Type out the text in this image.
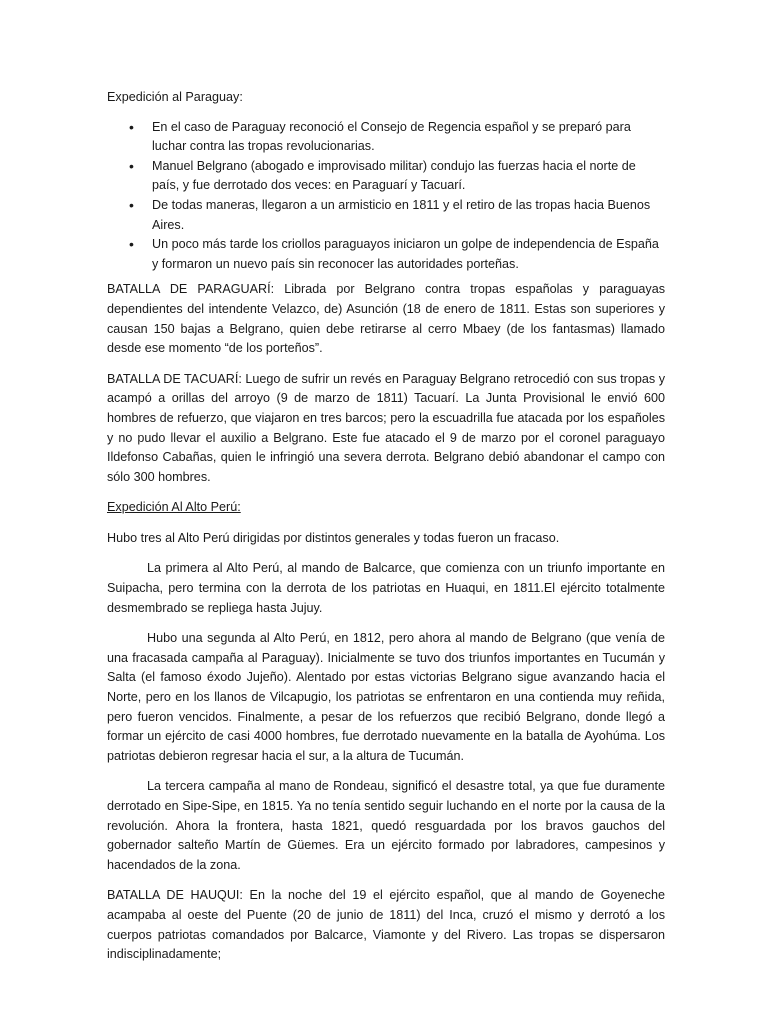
Expedición al Paraguay:
• En el caso de Paraguay reconoció el Consejo de Regencia español y se preparó para luchar contra las tropas revolucionarias.
• Manuel Belgrano (abogado e improvisado militar) condujo las fuerzas hacia el norte de país, y fue derrotado dos veces: en Paraguarí y Tacuarí.
• De todas maneras, llegaron a un armisticio en 1811 y el retiro de las tropas hacia Buenos Aires.
• Un poco más tarde los criollos paraguayos iniciaron un golpe de independencia de España y formaron un nuevo país sin reconocer las autoridades porteñas.

BATALLA DE PARAGUARÍ: Librada por Belgrano contra tropas españolas y paraguayas dependientes del intendente Velazco, de) Asunción (18 de enero de 1811. Estas son superiores y causan 150 bajas a Belgrano, quien debe retirarse al cerro Mbaey (de los fantasmas) llamado desde ese momento “de los porteños”.

BATALLA DE TACUARÍ: Luego de sufrir un revés en Paraguay Belgrano retrocedió con sus tropas y acampó a orillas del arroyo (9 de marzo de 1811) Tacuarí. La Junta Provisional le envió 600 hombres de refuerzo, que viajaron en tres barcos; pero la escuadrilla fue atacada por los españoles y no pudo llevar el auxilio a Belgrano. Este fue atacado el 9 de marzo por el coronel paraguayo Ildefonso Cabañas, quien le infringió una severa derrota. Belgrano debió abandonar el campo con sólo 300 hombres.

Expedición Al Alto Perú:

Hubo tres al Alto Perú dirigidas por distintos generales y todas fueron un fracaso.

La primera al Alto Perú, al mando de Balcarce, que comienza con un triunfo importante en Suipacha, pero termina con la derrota de los patriotas en Huaqui, en 1811.El ejército totalmente desmembrado se repliega hasta Jujuy.

Hubo una segunda al Alto Perú, en 1812, pero ahora al mando de Belgrano (que venía de una fracasada campaña al Paraguay). Inicialmente se tuvo dos triunfos importantes en Tucumán y Salta (el famoso éxodo Jujeño). Alentado por estas victorias Belgrano sigue avanzando hacia el Norte, pero en los llanos de Vilcapugio, los patriotas se enfrentaron en una contienda muy reñida, pero fueron vencidos. Finalmente, a pesar de los refuerzos que recibió Belgrano, donde llegó a formar un ejército de casi 4000 hombres, fue derrotado nuevamente en la batalla de Ayohúma. Los patriotas debieron regresar hacia el sur, a la altura de Tucumán.

La tercera campaña al mano de Rondeau, significó el desastre total, ya que fue duramente derrotado en Sipe-Sipe, en 1815. Ya no tenía sentido seguir luchando en el norte por la causa de la revolución. Ahora la frontera, hasta 1821, quedó resguardada por los bravos gauchos del gobernador salteño Martín de Güemes. Era un ejército formado por labradores, campesinos y hacendados de la zona.

BATALLA DE HAUQUI: En la noche del 19 el ejército español, que al mando de Goyeneche acampaba al oeste del Puente (20 de junio de 1811) del Inca, cruzó el mismo y derrotó a los cuerpos patriotas comandados por Balcarce, Viamonte y del Rivero. Las tropas se dispersaron indisciplinadamente;
